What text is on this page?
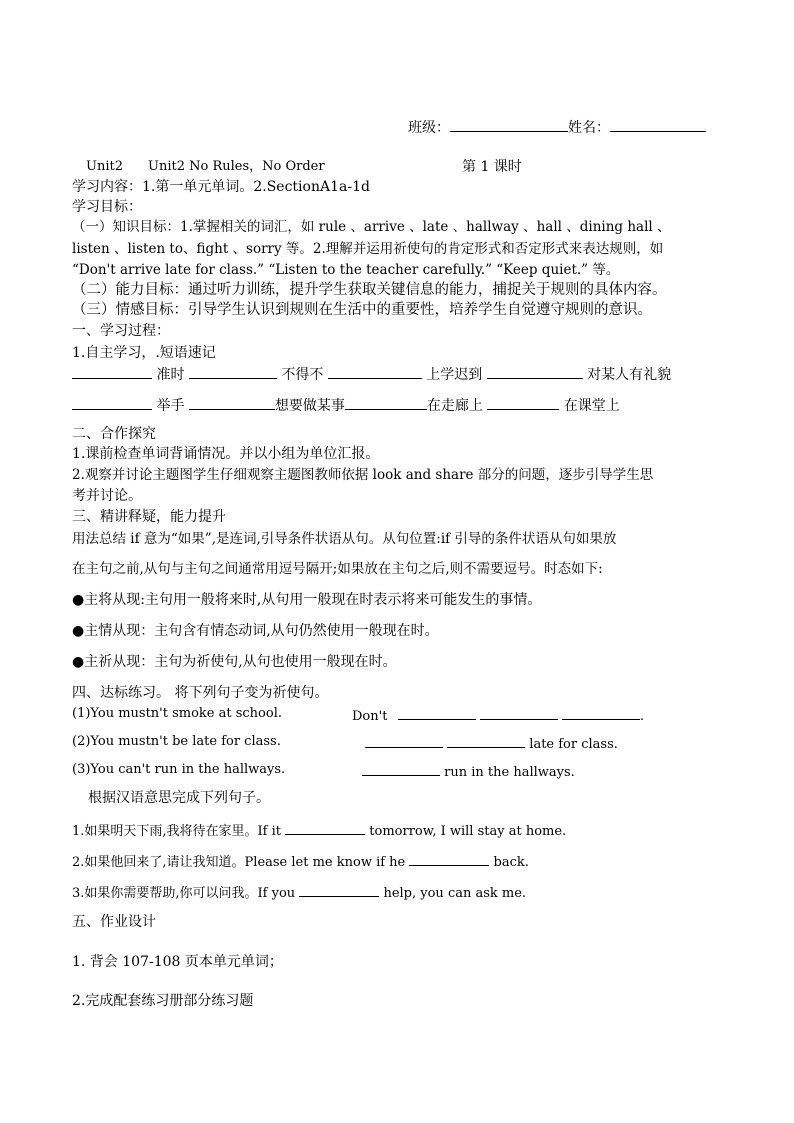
班级：	姓名：
Unit2 Unit2 No Rules，No Order	第 1 课时
学习内容：1.第一单元单词。2.SectionA1a-1d
学习目标：
（一）知识目标：1.掌握相关的词汇，如 rule 、arrive 、late 、hallway 、hall 、dining hall 、
listen 、listen to、fight 、sorry 等。2.理解并运用祈使句的肯定形式和否定形式来表达规则，如
“Don't arrive late for class.” “Listen to the teacher carefully.” “Keep quiet.” 等。
（二）能力目标：通过听力训练，提升学生获取关键信息的能力，捕捉关于规则的具体内容。
（三）情感目标：引导学生认识到规则在生活中的重要性，培养学生自觉遵守规则的意识。
一、学习过程：
1.自主学习，.短语速记
准时	不得不	上学迟到	对某人有礼貌
举手	想要做某事	在走廊上	在课堂上
二、合作探究
1.课前检查单词背诵情况。并以小组为单位汇报。
2.观察并讨论主题图学生仔细观察主题图教师依据 look and share 部分的问题，逐步引导学生思
考并讨论。
三、精讲释疑，能力提升
用法总结 if 意为“如果”,是连词,引导条件状语从句。从句位置:if 引导的条件状语从句如果放
在主句之前,从句与主句之间通常用逗号隔开;如果放在主句之后,则不需要逗号。时态如下:
●主将从现:主句用一般将来时,从句用一般现在时表示将来可能发生的事情。
●主情从现：主句含有情态动词,从句仍然使用一般现在时。
●主祈从现：主句为祈使句,从句也使用一般现在时。
四、达标练习。 将下列句子变为祈使句。
(1)You mustn't smoke at school.	Don't	.
(2)You mustn't be late for class.	late for class.
(3)You can't run in the hallways.	run in the hallways.
根据汉语意思完成下列句子。
1.如果明天下雨,我将待在家里。If it	tomorrow, I will stay at home.
2.如果他回来了,请让我知道。Please let me know if he	back.
3.如果你需要帮助,你可以问我。If you	help, you can ask me.
五、作业设计
1. 背会 107-108 页本单元单词；
2.完成配套练习册部分练习题
